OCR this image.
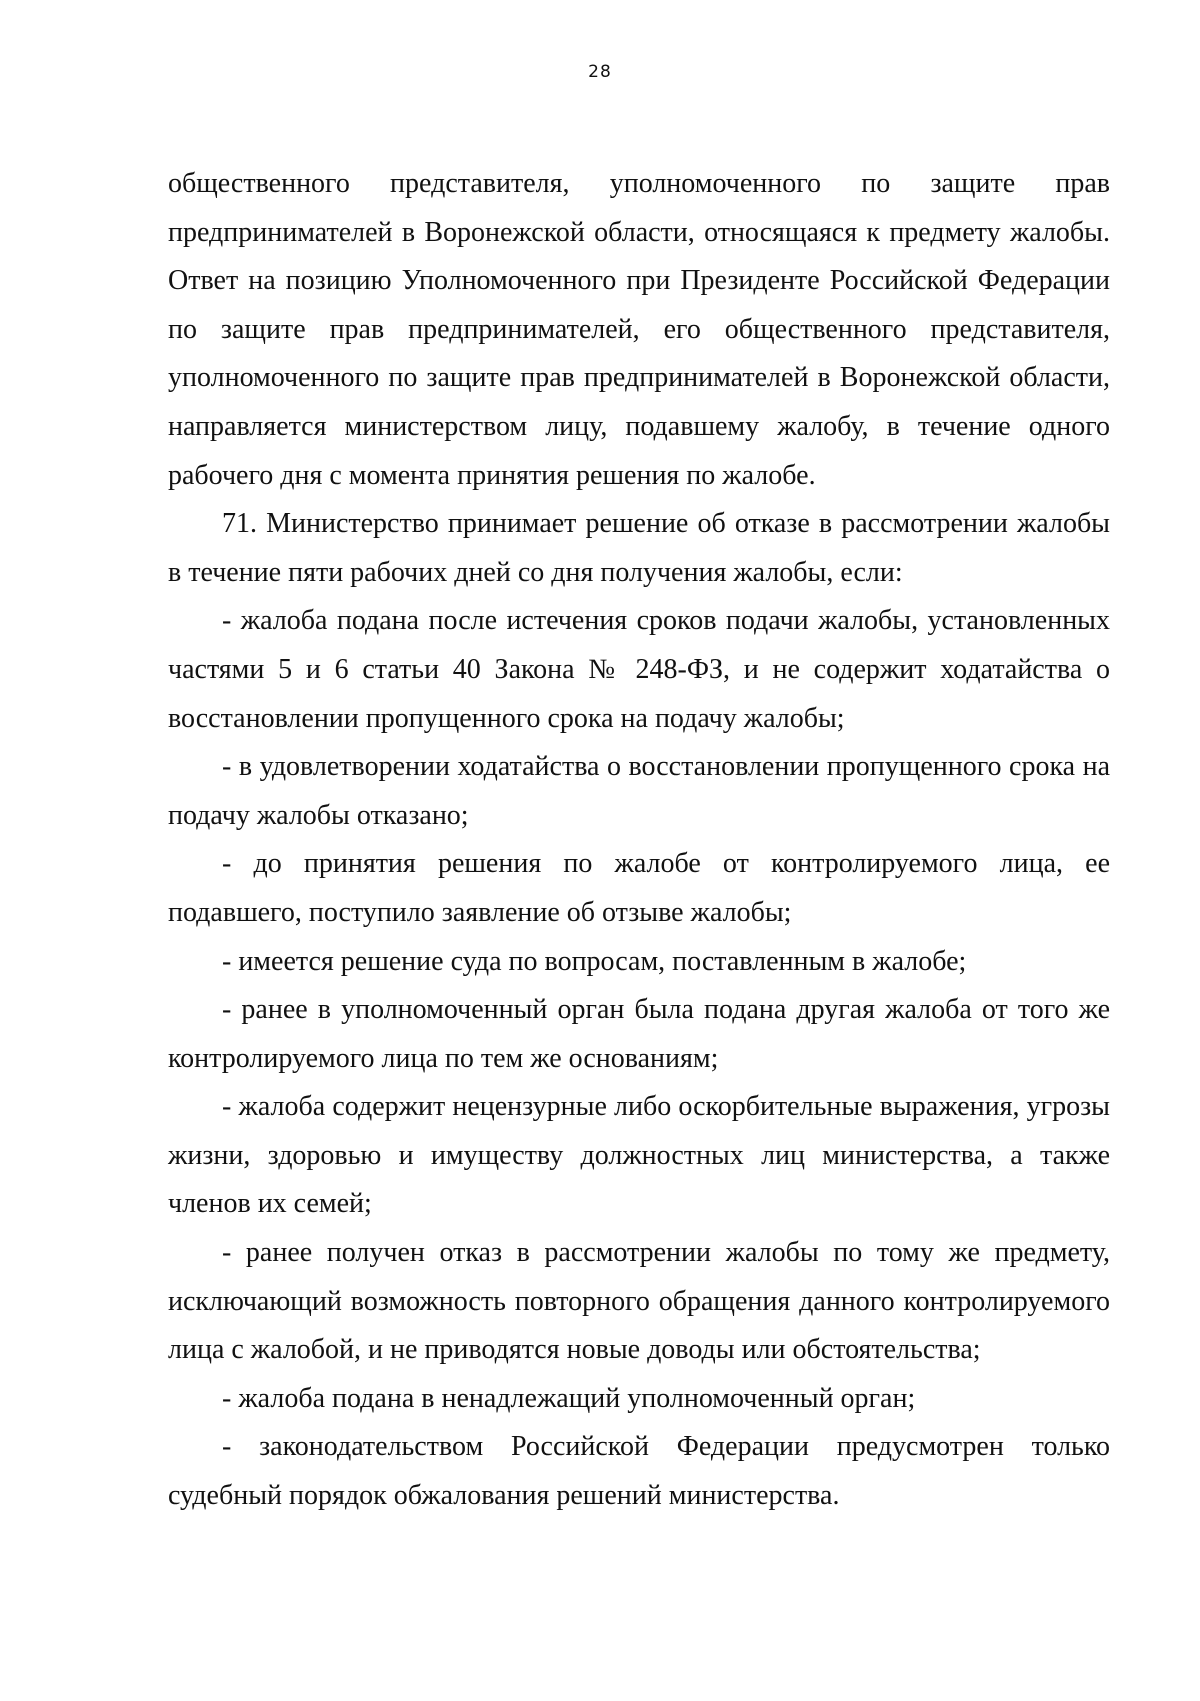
28

общественного представителя, уполномоченного по защите прав предпринимателей в Воронежской области, относящаяся к предмету жалобы. Ответ на позицию Уполномоченного при Президенте Российской Федерации по защите прав предпринимателей, его общественного представителя, уполномоченного по защите прав предпринимателей в Воронежской области, направляется министерством лицу, подавшему жалобу, в течение одного рабочего дня с момента принятия решения по жалобе.

71. Министерство принимает решение об отказе в рассмотрении жалобы в течение пяти рабочих дней со дня получения жалобы, если:

- жалоба подана после истечения сроков подачи жалобы, установленных частями 5 и 6 статьи 40 Закона № 248-ФЗ, и не содержит ходатайства о восстановлении пропущенного срока на подачу жалобы;

- в удовлетворении ходатайства о восстановлении пропущенного срока на подачу жалобы отказано;

- до принятия решения по жалобе от контролируемого лица, ее подавшего, поступило заявление об отзыве жалобы;

- имеется решение суда по вопросам, поставленным в жалобе;

- ранее в уполномоченный орган была подана другая жалоба от того же контролируемого лица по тем же основаниям;

- жалоба содержит нецензурные либо оскорбительные выражения, угрозы жизни, здоровью и имуществу должностных лиц министерства, а также членов их семей;

- ранее получен отказ в рассмотрении жалобы по тому же предмету, исключающий возможность повторного обращения данного контролируемого лица с жалобой, и не приводятся новые доводы или обстоятельства;

- жалоба подана в ненадлежащий уполномоченный орган;

- законодательством Российской Федерации предусмотрен только судебный порядок обжалования решений министерства.
